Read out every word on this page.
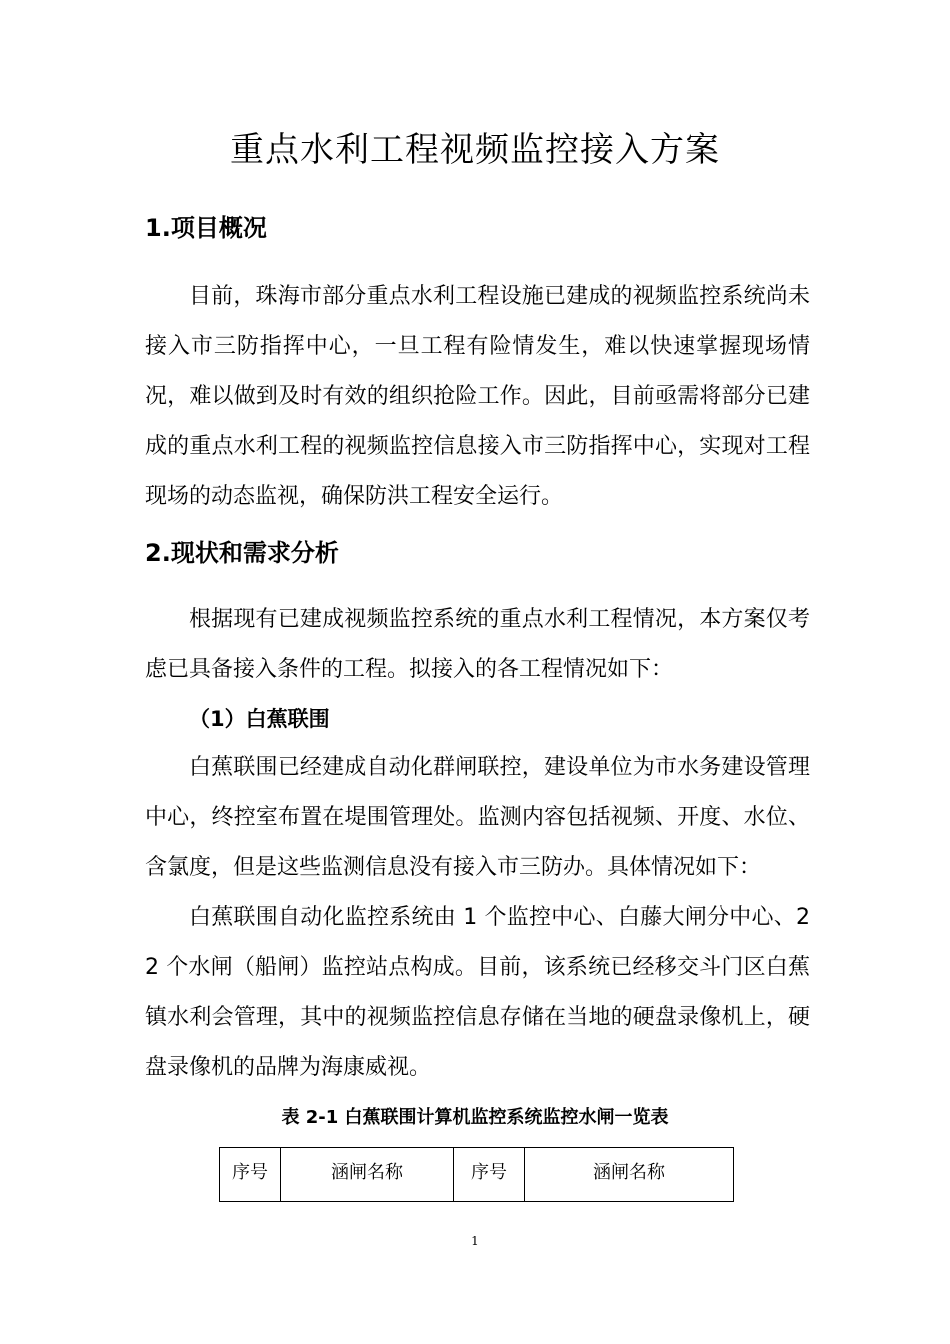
重点水利工程视频监控接入方案
1.项目概况

目前，珠海市部分重点水利工程设施已建成的视频监控系统尚未接入市三防指挥中心，一旦工程有险情发生，难以快速掌握现场情况，难以做到及时有效的组织抢险工作。因此，目前亟需将部分已建成的重点水利工程的视频监控信息接入市三防指挥中心，实现对工程现场的动态监视，确保防洪工程安全运行。

2.现状和需求分析

根据现有已建成视频监控系统的重点水利工程情况，本方案仅考虑已具备接入条件的工程。拟接入的各工程情况如下：

（1）白蕉联围

白蕉联围已经建成自动化群闸联控，建设单位为市水务建设管理中心，终控室布置在堤围管理处。监测内容包括视频、开度、水位、含氯度，但是这些监测信息没有接入市三防办。具体情况如下：

白蕉联围自动化监控系统由 1 个监控中心、白藤大闸分中心、22 个水闸（船闸）监控站点构成。目前，该系统已经移交斗门区白蕉镇水利会管理，其中的视频监控信息存储在当地的硬盘录像机上，硬盘录像机的品牌为海康威视。

表 2-1 白蕉联围计算机监控系统监控水闸一览表
序号	涵闸名称	序号	涵闸名称
1
